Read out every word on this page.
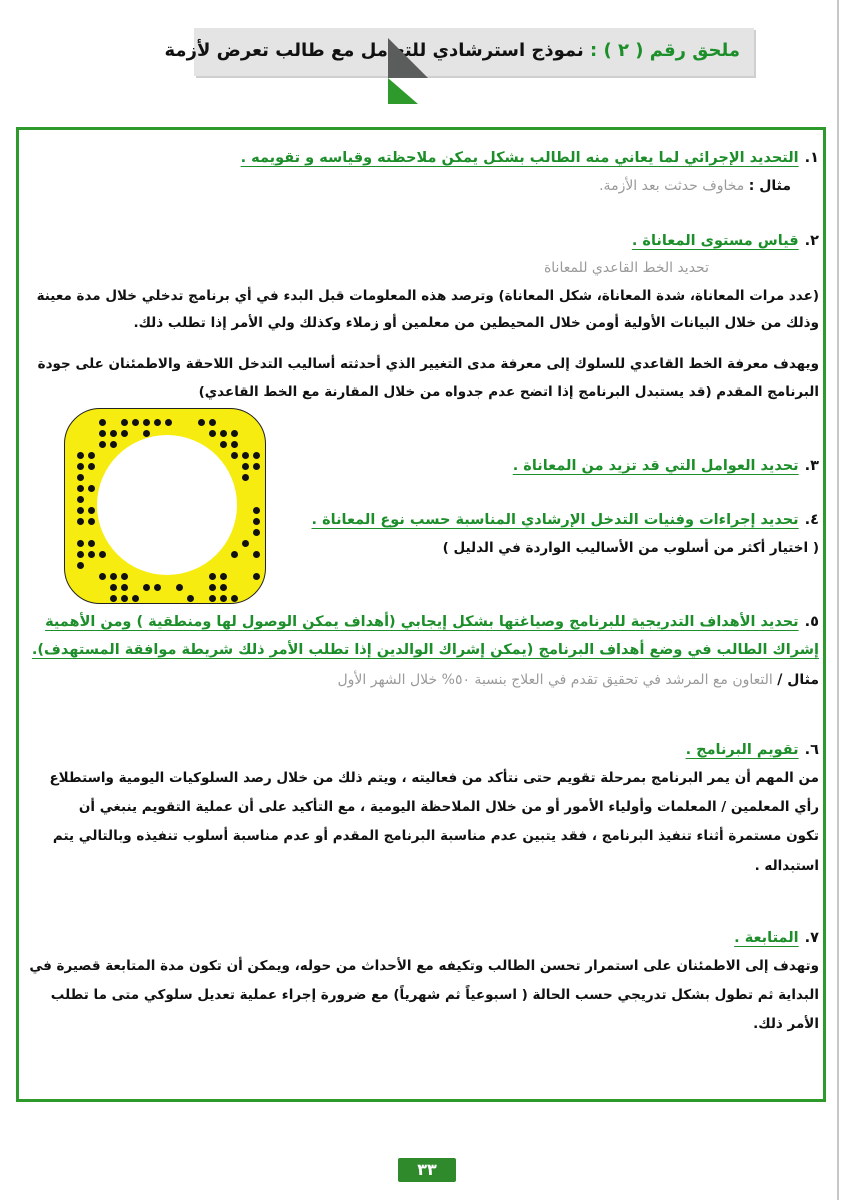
ملحق رقم ( ٢ ) : نموذج استرشادي للتعامل مع طالب تعرض لأزمة
١.التحديد الإجرائي لما يعاني منه الطالب بشكل يمكن ملاحظته وقياسه و تقويمه .
مثال : مخاوف حدثت بعد الأزمة.
٢.قياس مستوى المعاناة .
تحديد الخط القاعدي للمعاناة
(عدد مرات المعاناة، شدة المعاناة، شكل المعاناة) وترصد هذه المعلومات قبل البدء في أي برنامج تدخلي خلال مدة معينة
وذلك من خلال البيانات الأولية أومن خلال المحيطين من معلمين أو زملاء وكذلك ولي الأمر إذا تطلب ذلك.
ويهدف معرفة الخط القاعدي للسلوك إلى معرفة مدى التغيير الذي أحدثته أساليب التدخل اللاحقة والاطمئنان على جودة
البرنامج المقدم (قد يستبدل البرنامج إذا اتضح عدم جدواه من خلال المقارنة مع الخط القاعدي)
٣.تحديد العوامل التي قد تزيد من المعاناة .
٤.تحديد إجراءات وفنيات التدخل الإرشادي المناسبة حسب نوع المعاناة .
( اختيار أكثر من أسلوب من الأساليب الواردة في الدليل )
٥.تحديد الأهداف التدريجية للبرنامج وصياغتها بشكل إيجابي (أهداف يمكن الوصول لها ومنطقية ) ومن الأهمية
إشراك الطالب في وضع أهداف البرنامج (يمكن إشراك الوالدين إذا تطلب الأمر ذلك شريطة موافقة المستهدف).
مثال / التعاون مع المرشد في تحقيق تقدم في العلاج بنسبة ٥٠% خلال الشهر الأول
٦.تقويم البرنامج .
من المهم أن يمر البرنامج بمرحلة تقويم حتى نتأكد من فعاليته ، ويتم ذلك من خلال رصد السلوكيات اليومية واستطلاع
رأي المعلمين / المعلمات وأولياء الأمور أو من خلال الملاحظة اليومية ، مع التأكيد على أن عملية التقويم ينبغي أن
تكون مستمرة أثناء تنفيذ البرنامج ، فقد يتبين عدم مناسبة البرنامج المقدم أو عدم مناسبة أسلوب تنفيذه وبالتالي يتم
استبداله .
٧.المتابعة .
وتهدف إلى الاطمئنان على استمرار تحسن الطالب وتكيفه مع الأحداث من حوله، ويمكن أن تكون مدة المتابعة قصيرة في
البداية ثم تطول بشكل تدريجي حسب الحالة ( اسبوعياً ثم شهرياً) مع ضرورة إجراء عملية تعديل سلوكي متى ما تطلب
الأمر ذلك.
٣٣
